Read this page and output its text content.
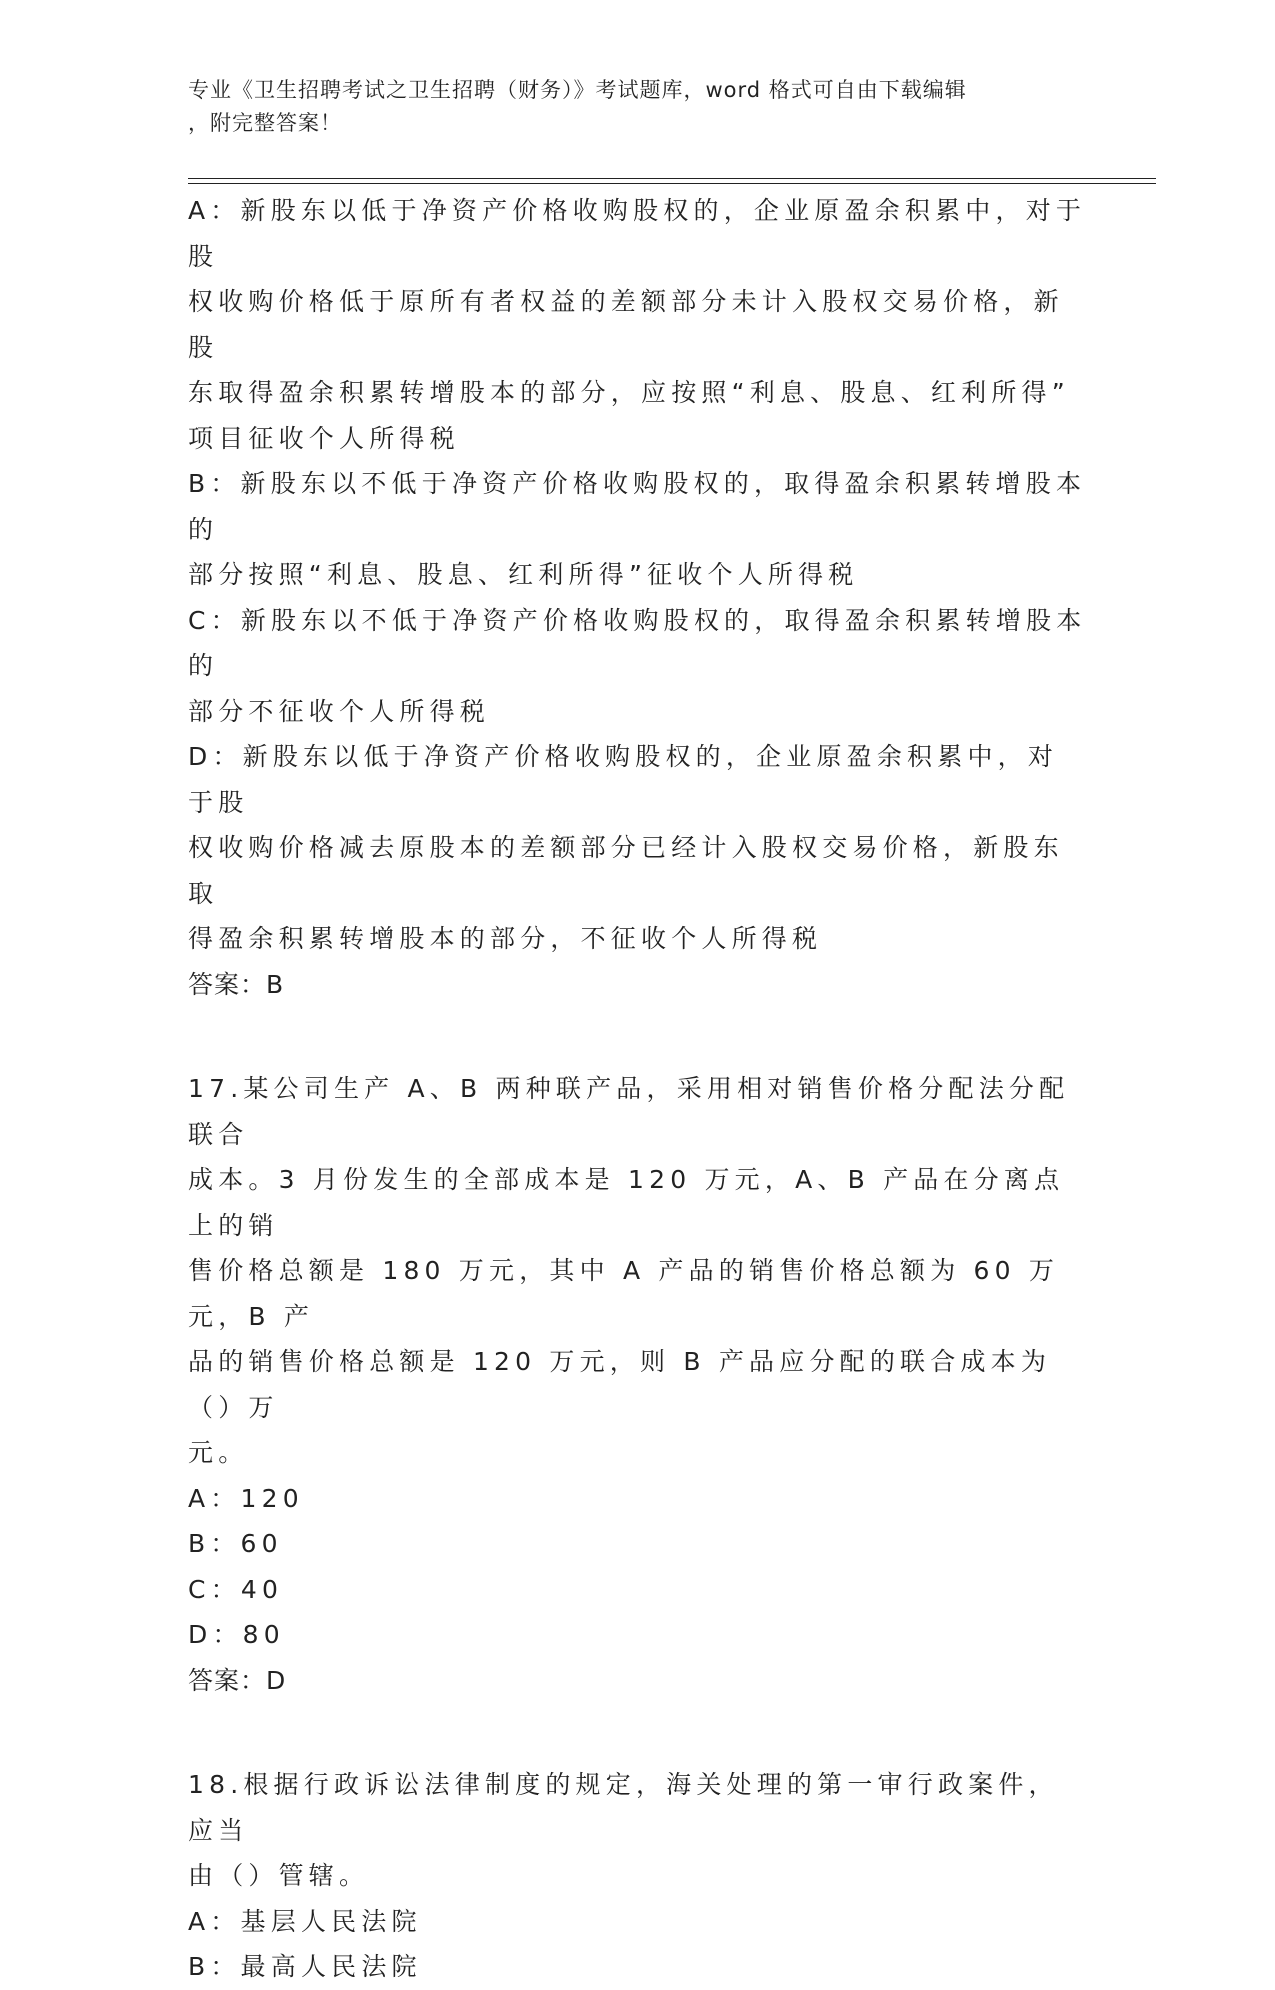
专业《卫生招聘考试之卫生招聘（财务）》考试题库，word 格式可自由下载编辑
，附完整答案！

A：新股东以低于净资产价格收购股权的，企业原盈余积累中，对于股
权收购价格低于原所有者权益的差额部分未计入股权交易价格，新股
东取得盈余积累转增股本的部分，应按照“利息、股息、红利所得”
项目征收个人所得税

B：新股东以不低于净资产价格收购股权的，取得盈余积累转增股本的
部分按照“利息、股息、红利所得”征收个人所得税

C：新股东以不低于净资产价格收购股权的，取得盈余积累转增股本的
部分不征收个人所得税

D：新股东以低于净资产价格收购股权的，企业原盈余积累中，对于股
权收购价格减去原股本的差额部分已经计入股权交易价格，新股东取
得盈余积累转增股本的部分，不征收个人所得税

答案：B

17.某公司生产 A、B 两种联产品，采用相对销售价格分配法分配联合
成本。3 月份发生的全部成本是 120 万元，A、B 产品在分离点上的销
售价格总额是 180 万元，其中 A 产品的销售价格总额为 60 万元，B 产
品的销售价格总额是 120 万元，则 B 产品应分配的联合成本为（）万
元。

A：120

B：60

C：40

D：80

答案：D

18.根据行政诉讼法律制度的规定，海关处理的第一审行政案件，应当
由（）管辖。

A：基层人民法院

B：最高人民法院
